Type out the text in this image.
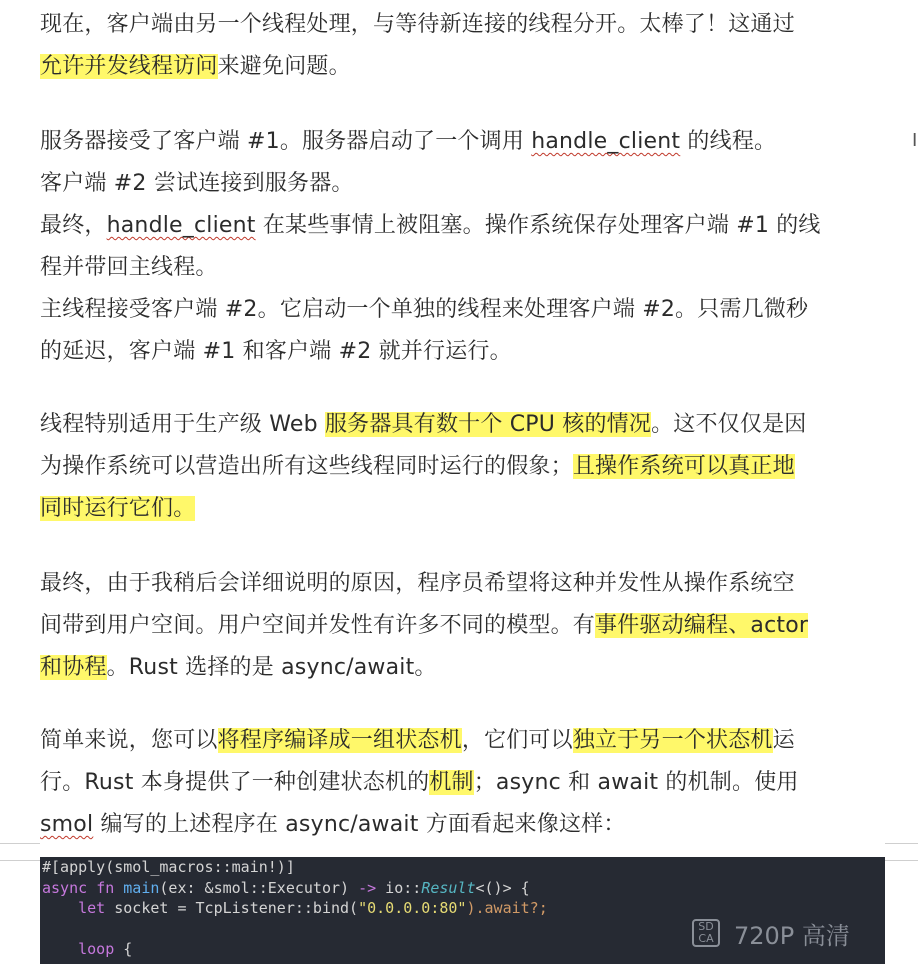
现在，客户端由另一个线程处理，与等待新连接的线程分开。太棒了！这通过
允许并发线程访问来避免问题。
I
服务器接受了客户端 #1。服务器启动了一个调用 handle_client 的线程。
客户端 #2 尝试连接到服务器。
最终，handle_client 在某些事情上被阻塞。操作系统保存处理客户端 #1 的线
程并带回主线程。
主线程接受客户端 #2。它启动一个单独的线程来处理客户端 #2。只需几微秒
的延迟，客户端 #1 和客户端 #2 就并行运行。
线程特别适用于生产级 Web 服务器具有数十个 CPU 核的情况。这不仅仅是因
为操作系统可以营造出所有这些线程同时运行的假象；且操作系统可以真正地
同时运行它们。
最终，由于我稍后会详细说明的原因，程序员希望将这种并发性从操作系统空
间带到用户空间。用户空间并发性有许多不同的模型。有事件驱动编程、actor
和协程。Rust 选择的是 async/await。
简单来说，您可以将程序编译成一组状态机，它们可以独立于另一个状态机运
行。Rust 本身提供了一种创建状态机的机制；async 和 await 的机制。使用
smol 编写的上述程序在 async/await 方面看起来像这样：
#[apply(smol_macros::main!)]
async fn main(ex: &smol::Executor) -> io::Result<()> {
let socket = TcpListener::bind("0.0.0.0:80").await?;

loop {
SD CA 720P 高清
